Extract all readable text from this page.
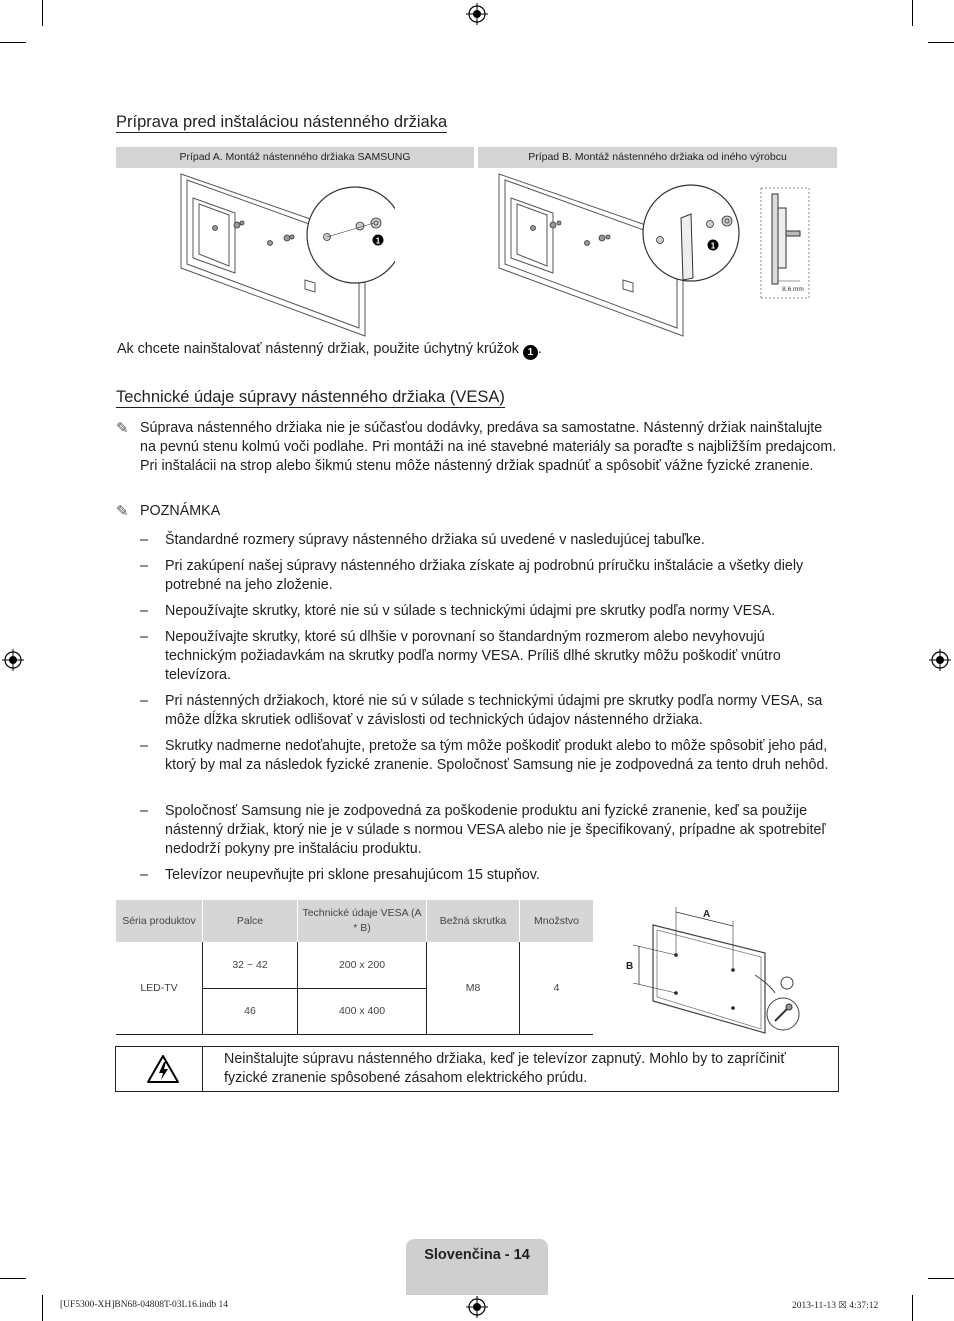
Príprava pred inštaláciou nástenného držiaka
Prípad A. Montáž nástenného držiaka SAMSUNG	Prípad B. Montáž nástenného držiaka od iného výrobcu
1
1
8.6 mm
Ak chcete nainštalovať nástenný držiak, použite úchytný krúžok 1 .
Technické údaje súpravy nástenného držiaka (VESA)
✎ Súprava nástenného držiaka nie je súčasťou dodávky, predáva sa samostatne. Nástenný držiak nainštalujte na pevnú stenu kolmú voči podlahe. Pri montáži na iné stavebné materiály sa poraďte s najbližším predajcom. Pri inštalácii na strop alebo šikmú stenu môže nástenný držiak spadnúť a spôsobiť vážne fyzické zranenie.
✎ POZNÁMKA
– Štandardné rozmery súpravy nástenného držiaka sú uvedené v nasledujúcej tabuľke.
– Pri zakúpení našej súpravy nástenného držiaka získate aj podrobnú príručku inštalácie a všetky diely potrebné na jeho zloženie.
– Nepoužívajte skrutky, ktoré nie sú v súlade s technickými údajmi pre skrutky podľa normy VESA.
– Nepoužívajte skrutky, ktoré sú dlhšie v porovnaní so štandardným rozmerom alebo nevyhovujú technickým požiadavkám na skrutky podľa normy VESA. Príliš dlhé skrutky môžu poškodiť vnútro televízora.
– Pri nástenných držiakoch, ktoré nie sú v súlade s technickými údajmi pre skrutky podľa normy VESA, sa môže dĺžka skrutiek odlišovať v závislosti od technických údajov nástenného držiaka.
– Skrutky nadmerne nedoťahujte, pretože sa tým môže poškodiť produkt alebo to môže spôsobiť jeho pád, ktorý by mal za následok fyzické zranenie. Spoločnosť Samsung nie je zodpovedná za tento druh nehôd.
– Spoločnosť Samsung nie je zodpovedná za poškodenie produktu ani fyzické zranenie, keď sa použije nástenný držiak, ktorý nie je v súlade s normou VESA alebo nie je špecifikovaný, prípadne ak spotrebiteľ nedodrží pokyny pre inštaláciu produktu.
– Televízor neupevňujte pri sklone presahujúcom 15 stupňov.
Séria produktov	Palce	Technické údaje VESA (A * B)	Bežná skrutka	Množstvo
LED-TV	32 ~ 42	200 x 200	M8	4
	46	400 x 400		
A
B
Neinštalujte súpravu nástenného držiaka, keď je televízor zapnutý. Mohlo by to zapríčiniť fyzické zranenie spôsobené zásahom elektrického prúdu.
Slovenčina - 14
[UF5300-XH]BN68-04808T-03L16.indb 14	2013-11-13 ☒ 4:37:12
